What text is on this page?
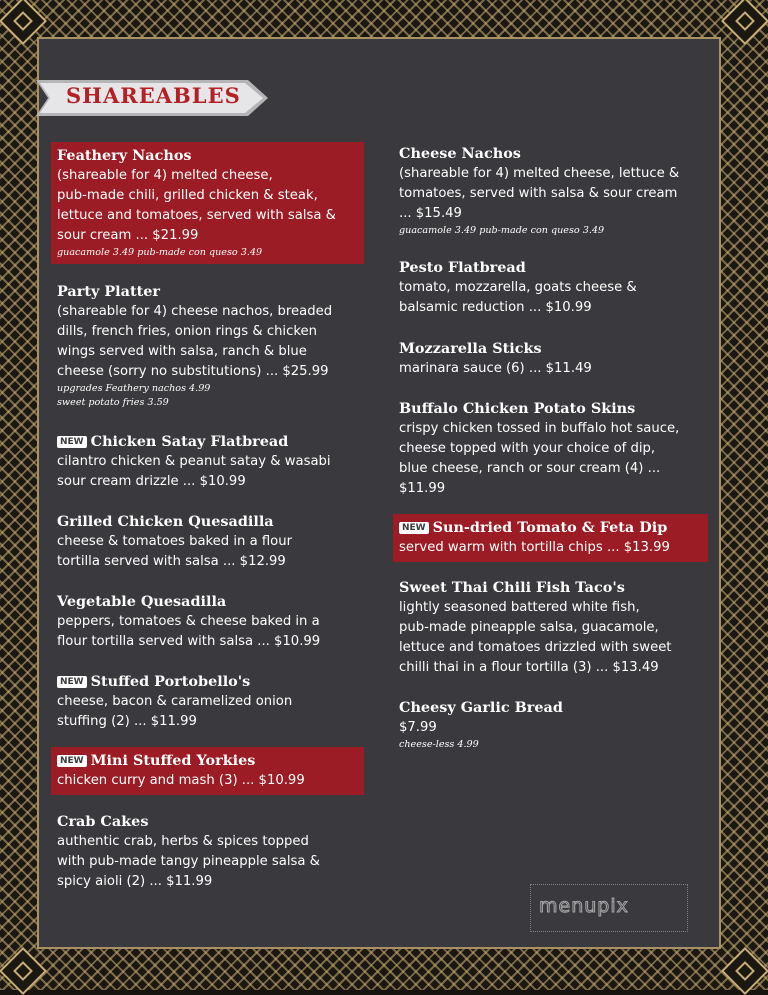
SHAREABLES
Feathery Nachos
(shareable for 4) melted cheese,
pub-made chili, grilled chicken & steak,
lettuce and tomatoes, served with salsa &
sour cream ... $21.99
guacamole 3.49 pub-made con queso 3.49
Party Platter
(shareable for 4) cheese nachos, breaded
dills, french fries, onion rings & chicken
wings served with salsa, ranch & blue
cheese (sorry no substitutions) ... $25.99
upgrades Feathery nachos 4.99
sweet potato fries 3.59
NEW Chicken Satay Flatbread
cilantro chicken & peanut satay & wasabi
sour cream drizzle ... $10.99
Grilled Chicken Quesadilla
cheese & tomatoes baked in a flour
tortilla served with salsa ... $12.99
Vegetable Quesadilla
peppers, tomatoes & cheese baked in a
flour tortilla served with salsa ... $10.99
NEW Stuffed Portobello's
cheese, bacon & caramelized onion
stuffing (2) ... $11.99
NEW Mini Stuffed Yorkies
chicken curry and mash (3) ... $10.99
Crab Cakes
authentic crab, herbs & spices topped
with pub-made tangy pineapple salsa &
spicy aioli (2) ... $11.99
Cheese Nachos
(shareable for 4) melted cheese, lettuce &
tomatoes, served with salsa & sour cream
... $15.49
guacamole 3.49 pub-made con queso 3.49
Pesto Flatbread
tomato, mozzarella, goats cheese &
balsamic reduction ... $10.99
Mozzarella Sticks
marinara sauce (6) ... $11.49
Buffalo Chicken Potato Skins
crispy chicken tossed in buffalo hot sauce,
cheese topped with your choice of dip,
blue cheese, ranch or sour cream (4) ...
$11.99
NEW Sun-dried Tomato & Feta Dip
served warm with tortilla chips ... $13.99
Sweet Thai Chili Fish Taco's
lightly seasoned battered white fish,
pub-made pineapple salsa, guacamole,
lettuce and tomatoes drizzled with sweet
chilli thai in a flour tortilla (3) ... $13.49
Cheesy Garlic Bread
$7.99
cheese-less 4.99
menupix
